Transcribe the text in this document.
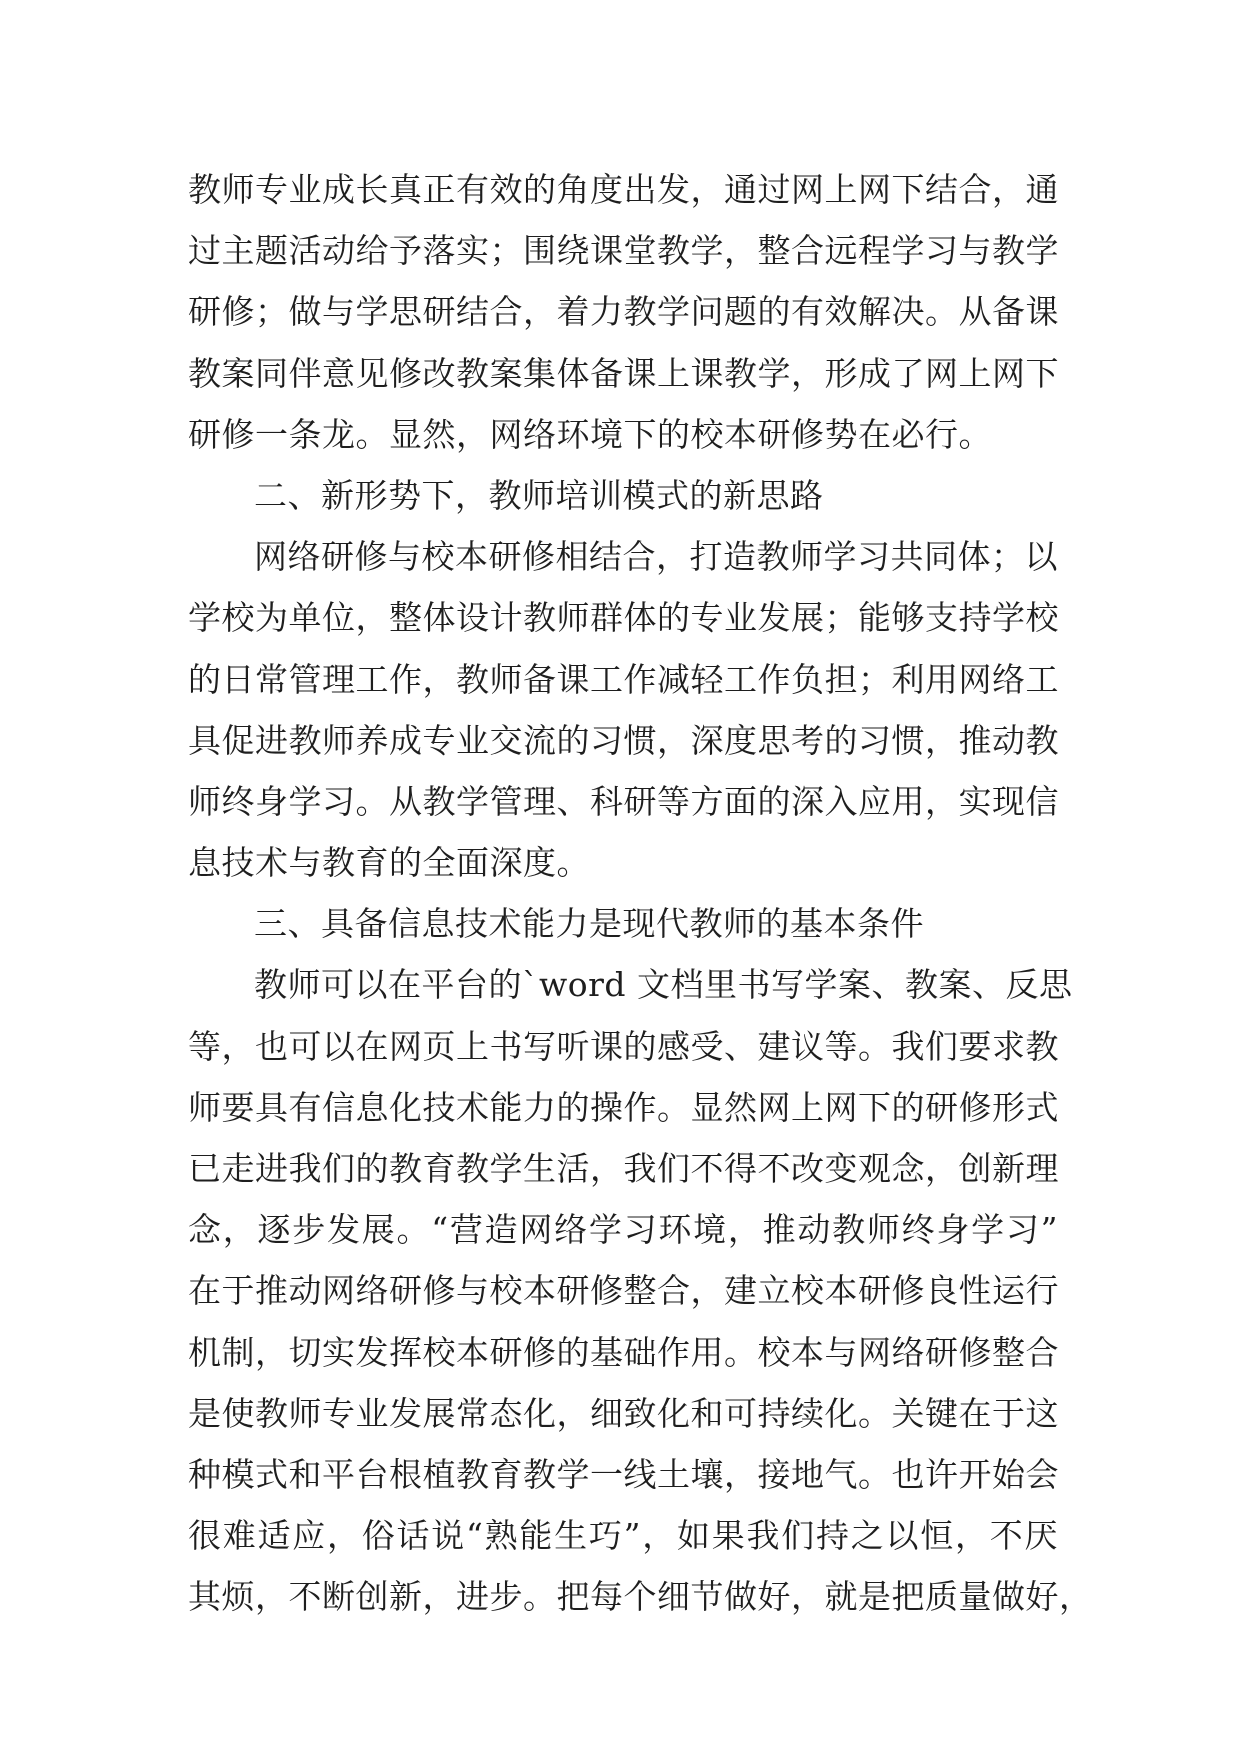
教师专业成长真正有效的角度出发，通过网上网下结合，通
过主题活动给予落实；围绕课堂教学，整合远程学习与教学
研修；做与学思研结合，着力教学问题的有效解决。从备课
教案同伴意见修改教案集体备课上课教学，形成了网上网下
研修一条龙。显然，网络环境下的校本研修势在必行。
二、新形势下，教师培训模式的新思路
网络研修与校本研修相结合，打造教师学习共同体；以
学校为单位，整体设计教师群体的专业发展；能够支持学校
的日常管理工作，教师备课工作减轻工作负担；利用网络工
具促进教师养成专业交流的习惯，深度思考的习惯，推动教
师终身学习。从教学管理、科研等方面的深入应用，实现信
息技术与教育的全面深度。
三、具备信息技术能力是现代教师的基本条件
教师可以在平台的`word 文档里书写学案、教案、反思
等，也可以在网页上书写听课的感受、建议等。我们要求教
师要具有信息化技术能力的操作。显然网上网下的研修形式
已走进我们的教育教学生活，我们不得不改变观念，创新理
念，逐步发展。“营造网络学习环境，推动教师终身学习”
在于推动网络研修与校本研修整合，建立校本研修良性运行
机制，切实发挥校本研修的基础作用。校本与网络研修整合
是使教师专业发展常态化，细致化和可持续化。关键在于这
种模式和平台根植教育教学一线土壤，接地气。也许开始会
很难适应，俗话说“熟能生巧”，如果我们持之以恒，不厌
其烦，不断创新，进步。把每个细节做好，就是把质量做好，
